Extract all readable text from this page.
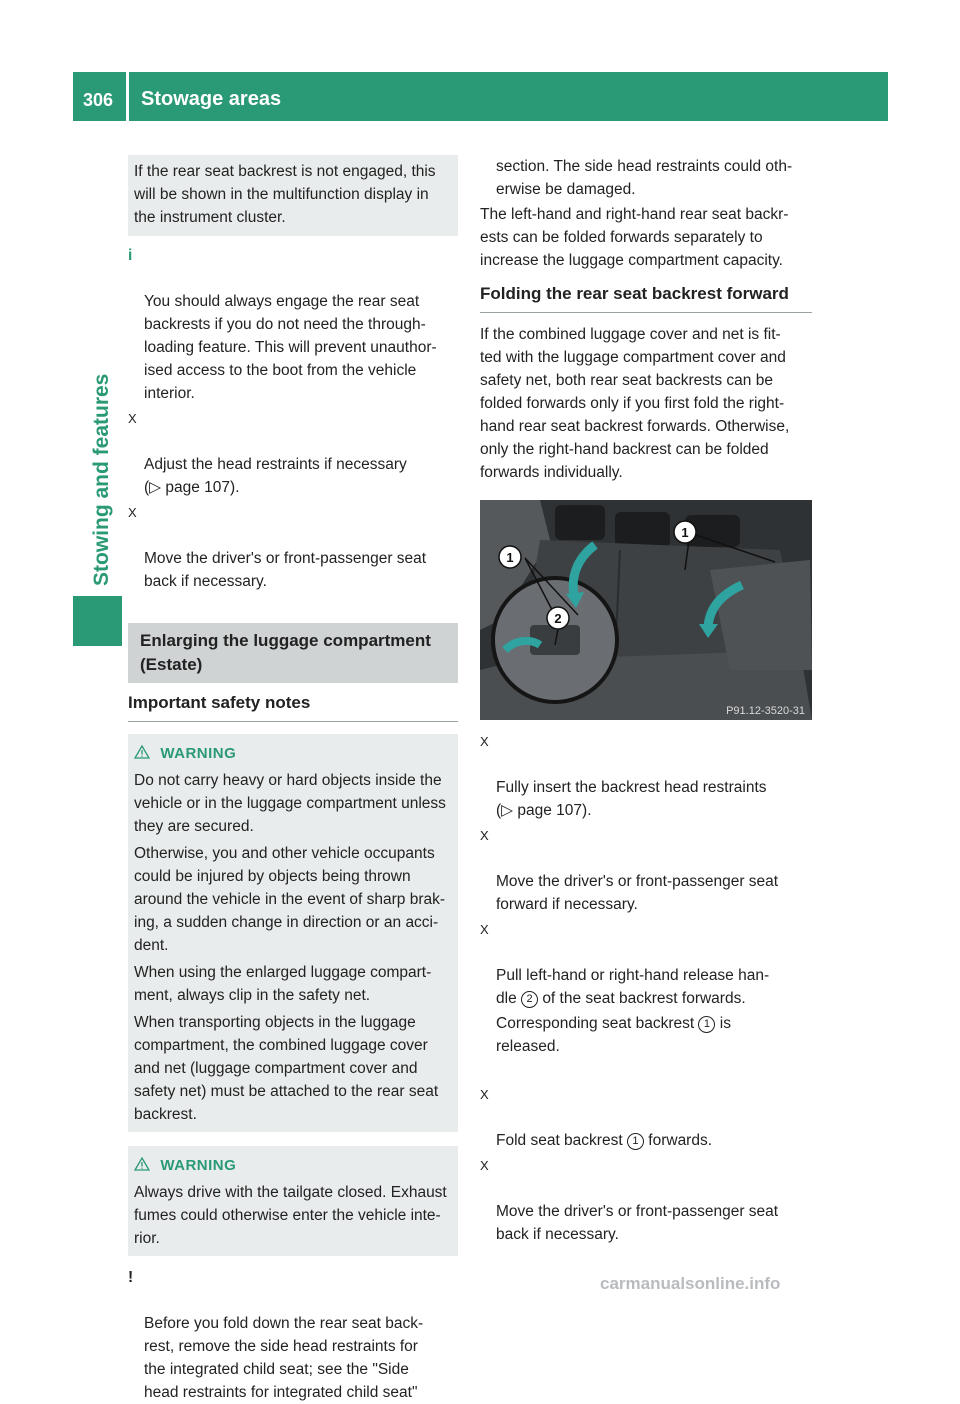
306 Stowage areas
Stowing and features

If the rear seat backrest is not engaged, this
will be shown in the multifunction display in
the instrument cluster.

i

You should always engage the rear seat
backrests if you do not need the through-
loading feature. This will prevent unauthor-
ised access to the boot from the vehicle
interior.

X

Adjust the head restraints if necessary
(▷ page 107).

X

Move the driver's or front-passenger seat
back if necessary.

Enlarging the luggage compartment
(Estate)
Important safety notes
WARNING

Do not carry heavy or hard objects inside the
vehicle or in the luggage compartment unless
they are secured.

Otherwise, you and other vehicle occupants
could be injured by objects being thrown
around the vehicle in the event of sharp brak-
ing, a sudden change in direction or an acci-
dent.

When using the enlarged luggage compart-
ment, always clip in the safety net.

When transporting objects in the luggage
compartment, the combined luggage cover
and net (luggage compartment cover and
safety net) must be attached to the rear seat
backrest.

WARNING

Always drive with the tailgate closed. Exhaust
fumes could otherwise enter the vehicle inte-
rior.

!

Before you fold down the rear seat back-
rest, remove the side head restraints for
the integrated child seat; see the "Side
head restraints for integrated child seat"

section. The side head restraints could oth-
erwise be damaged.
The left-hand and right-hand rear seat backr-
ests can be folded forwards separately to
increase the luggage compartment capacity.
Folding the rear seat backrest forward
If the combined luggage cover and net is fit-
ted with the luggage compartment cover and
safety net, both rear seat backrests can be
folded forwards only if you first fold the right-
hand rear seat backrest forwards. Otherwise,
only the right-hand backrest can be folded
forwards individually.
1
1
2
P91.12-3520-31

X

Fully insert the backrest head restraints
(▷ page 107).

X

Move the driver's or front-passenger seat
forward if necessary.

X

Pull left-hand or right-hand release han-
dle 2 of the seat backrest forwards.

Corresponding seat backrest 1 is
released.

X

Fold seat backrest 1 forwards.

X

Move the driver's or front-passenger seat
back if necessary.

carmanualsonline.info
